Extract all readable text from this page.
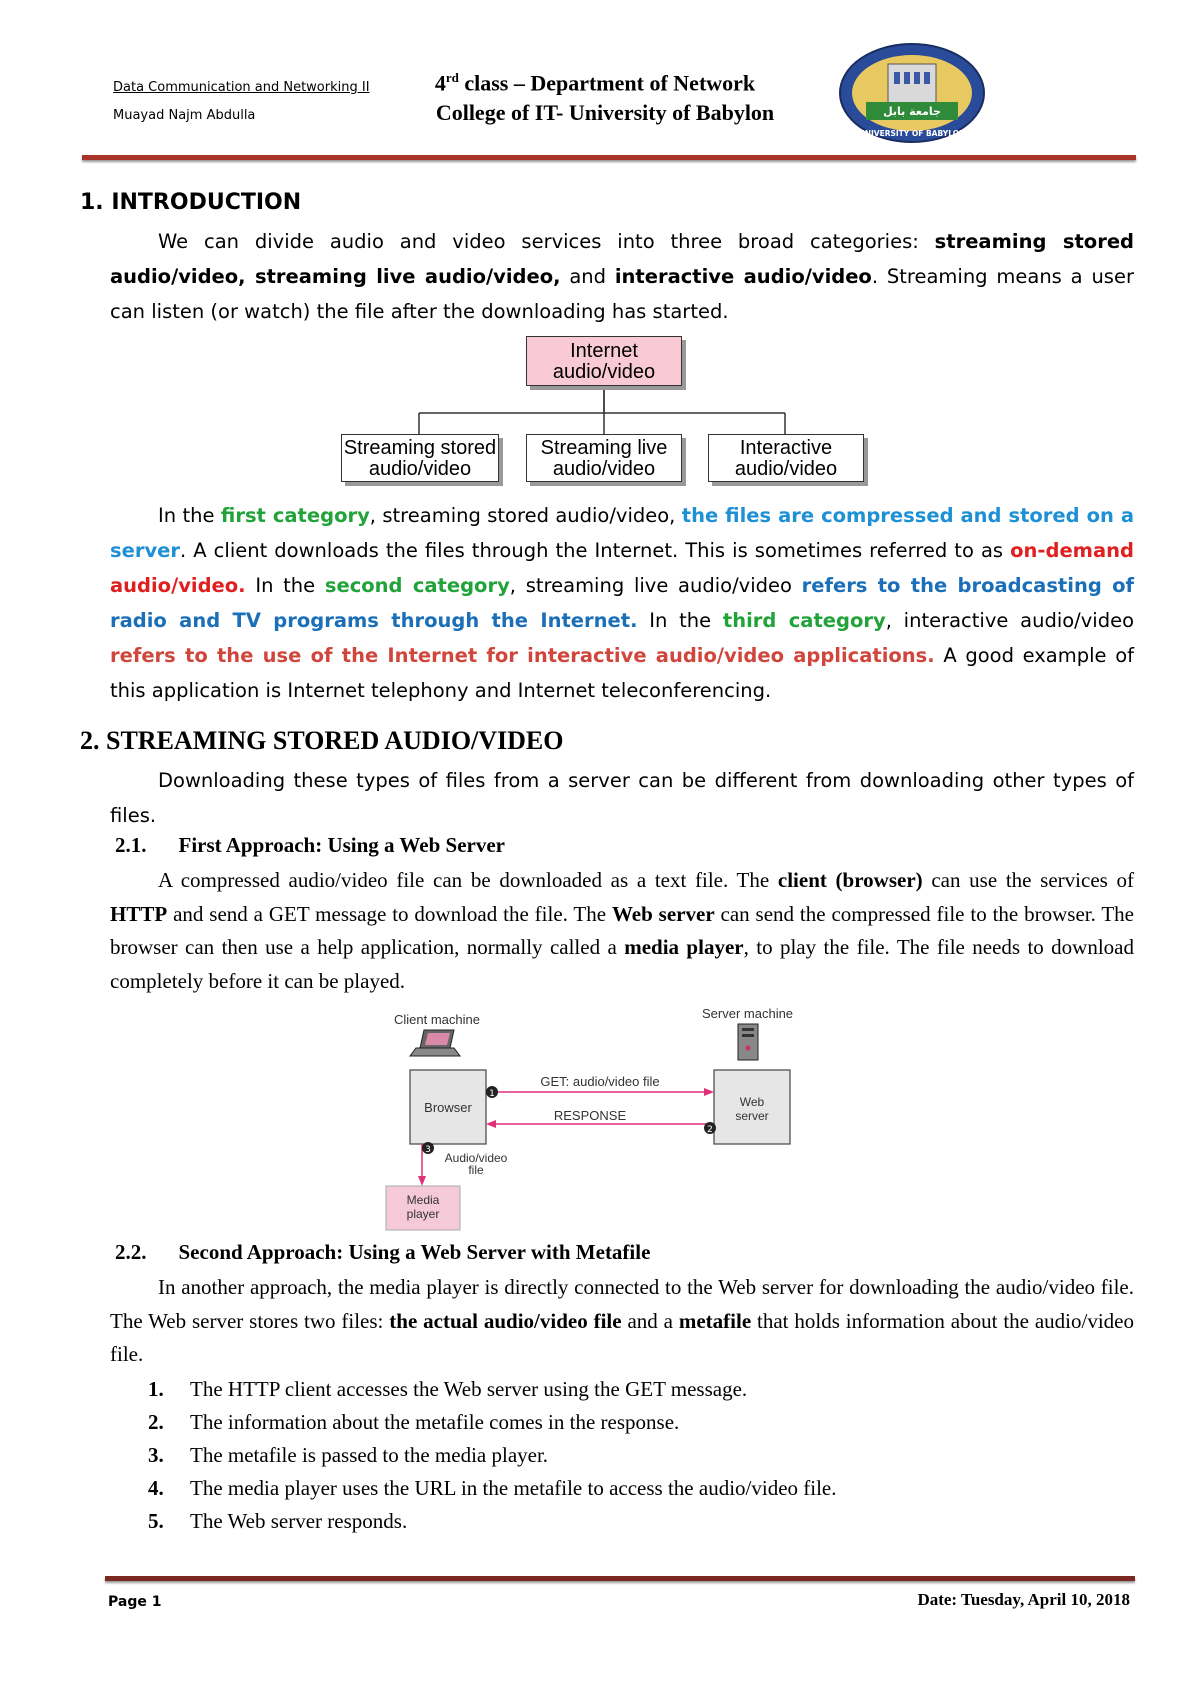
Data Communication and Networking II
Muayad Najm Abdulla
4rd class – Department of Network
College of IT- University of Babylon	جامعة بابل
UNIVERSITY OF BABYLON
1. INTRODUCTION
We can divide audio and video services into three broad categories: streaming stored audio/video, streaming live audio/video, and interactive audio/video. Streaming means a user can listen (or watch) the file after the downloading has started.
Internet
audio/video
Streaming stored
audio/video
Streaming live
audio/video
Interactive
audio/video
In the first category, streaming stored audio/video, the files are compressed and stored on a server. A client downloads the files through the Internet. This is sometimes referred to as on-demand audio/video. In the second category, streaming live audio/video refers to the broadcasting of radio and TV programs through the Internet. In the third category, interactive audio/video refers to the use of the Internet for interactive audio/video applications. A good example of this application is Internet telephony and Internet teleconferencing.
2. STREAMING STORED AUDIO/VIDEO
Downloading these types of files from a server can be different from downloading other types of files.
2.1. First Approach: Using a Web Server
A compressed audio/video file can be downloaded as a text file. The client (browser) can use the services of HTTP and send a GET message to download the file. The Web server can send the compressed file to the browser. The browser can then use a help application, normally called a media player, to play the file. The file needs to download completely before it can be played.
Client machine	Server machine
Browser	Web
server
1
GET: audio/video file
2
RESPONSE
3
Audio/video
file
Media
player
2.2. Second Approach: Using a Web Server with Metafile
In another approach, the media player is directly connected to the Web server for downloading the audio/video file. The Web server stores two files: the actual audio/video file and a metafile that holds information about the audio/video file.
1. The HTTP client accesses the Web server using the GET message.
2. The information about the metafile comes in the response.
3. The metafile is passed to the media player.
4. The media player uses the URL in the metafile to access the audio/video file.
5. The Web server responds.
Page 1	Date: Tuesday, April 10, 2018
